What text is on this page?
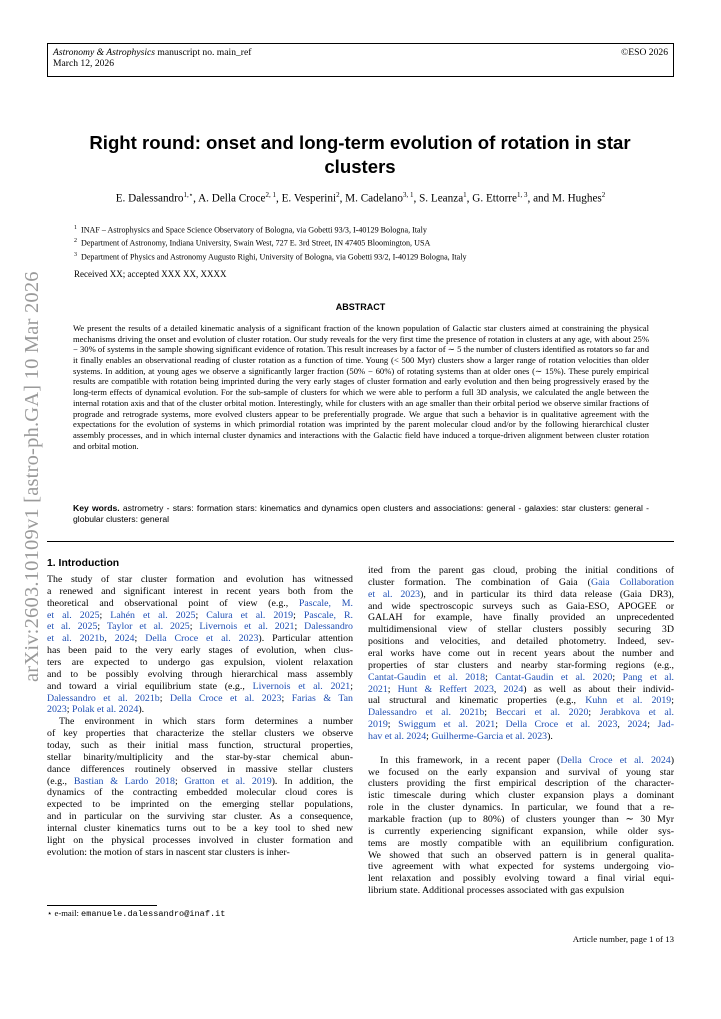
Astronomy & Astrophysics manuscript no. main_ref
March 12, 2026
©ESO 2026
arXiv:2603.10109v1 [astro-ph.GA] 10 Mar 2026
Right round: onset and long-term evolution of rotation in star
clusters
E. Dalessandro$^{1,⋆}$, A. Della Croce$^{2, 1}$, E. Vesperini$^2$, M. Cadelano$^{3, 1}$, S. Leanza$^1$, G. Ettorre$^{1, 3}$, and M. Hughes$^2$
$^1$ INAF – Astrophysics and Space Science Observatory of Bologna, via Gobetti 93/3, I-40129 Bologna, Italy
$^2$ Department of Astronomy, Indiana University, Swain West, 727 E. 3rd Street, IN 47405 Bloomington, USA
$^3$ Department of Physics and Astronomy Augusto Righi, University of Bologna, via Gobetti 93/2, I-40129 Bologna, Italy
Received XX; accepted XXX XX, XXXX
ABSTRACT
We present the results of a detailed kinematic analysis of a significant fraction of the known population of Galactic star clusters aimed at constraining the physical mechanisms driving the onset and evolution of cluster rotation. Our study reveals for the very first time the presence of rotation in clusters at any age, with about 25% − 30% of systems in the sample showing significant evidence of rotation. This result increases by a factor of ∼ 5 the number of clusters identified as rotators so far and it finally enables an observational reading of cluster rotation as a function of time. Young (< 500 Myr) clusters show a larger range of rotation velocities than older systems. In addition, at young ages we observe a significantly larger fraction (50% − 60%) of rotating systems than at older ones (∼ 15%). These purely empirical results are compatible with rotation being imprinted during the very early stages of cluster formation and early evolution and then being progressively erased by the long-term effects of dynamical evolution. For the sub-sample of clusters for which we were able to perform a full 3D analysis, we calculated the angle between the internal rotation axis and that of the cluster orbital motion. Interestingly, while for clusters with an age smaller than their orbital period we observe similar fractions of prograde and retrograde systems, more evolved clusters appear to be preferentially prograde. We argue that such a behavior is in qualitative agreement with the expectations for the evolution of systems in which primordial rotation was imprinted by the parent molecular cloud and/or by the following hierarchical cluster assembly processes, and in which internal cluster dynamics and interactions with the Galactic field have induced a torque-driven alignment between cluster rotation and orbital motion.
Key words. astrometry - stars: formation stars: kinematics and dynamics open clusters and associations: general - galaxies: star clusters: general - globular clusters: general
1. Introduction
The study of star cluster formation and evolution has witnessed
a renewed and significant interest in recent years both from the
theoretical and observational point of view (e.g., Pascale, M.
et al. 2025; Lahén et al. 2025; Calura et al. 2019; Pascale, R.
et al. 2025; Taylor et al. 2025; Livernois et al. 2021; Dalessandro
et al. 2021b, 2024; Della Croce et al. 2023). Particular attention
has been paid to the very early stages of evolution, when clus-
ters are expected to undergo gas expulsion, violent relaxation
and to be possibly evolving through hierarchical mass assembly
and toward a virial equilibrium state (e.g., Livernois et al. 2021;
Dalessandro et al. 2021b; Della Croce et al. 2023; Farias & Tan
2023; Polak et al. 2024).
The environment in which stars form determines a number
of key properties that characterize the stellar clusters we observe
today, such as their initial mass function, structural properties,
stellar binarity/multiplicity and the star-by-star chemical abun-
dance differences routinely observed in massive stellar clusters
(e.g., Bastian & Lardo 2018; Gratton et al. 2019). In addition, the
dynamics of the contracting embedded molecular cloud cores is
expected to be imprinted on the emerging stellar populations,
and in particular on the surviving star cluster. As a consequence,
internal cluster kinematics turns out to be a key tool to shed new
light on the physical processes involved in cluster formation and
evolution: the motion of stars in nascent star clusters is inher-
ited from the parent gas cloud, probing the initial conditions of
cluster formation. The combination of Gaia (Gaia Collaboration
et al. 2023), and in particular its third data release (Gaia DR3),
and wide spectroscopic surveys such as Gaia-ESO, APOGEE or
GALAH for example, have finally provided an unprecedented
multidimensional view of stellar clusters possibly securing 3D
positions and velocities, and detailed photometry. Indeed, sev-
eral works have come out in recent years about the number and
properties of star clusters and nearby star-forming regions (e.g.,
Cantat-Gaudin et al. 2018; Cantat-Gaudin et al. 2020; Pang et al.
2021; Hunt & Reffert 2023, 2024) as well as about their individ-
ual structural and kinematic properties (e.g., Kuhn et al. 2019;
Dalessandro et al. 2021b; Beccari et al. 2020; Jerabkova et al.
2019; Swiggum et al. 2021; Della Croce et al. 2023, 2024; Jad-
hav et al. 2024; Guilherme-Garcia et al. 2023).

In this framework, in a recent paper (Della Croce et al. 2024)
we focused on the early expansion and survival of young star
clusters providing the first empirical description of the character-
istic timescale during which cluster expansion plays a dominant
role in the cluster dynamics. In particular, we found that a re-
markable fraction (up to 80%) of clusters younger than ∼ 30 Myr
is currently experiencing significant expansion, while older sys-
tems are mostly compatible with an equilibrium configuration.
We showed that such an observed pattern is in general qualita-
tive agreement with what expected for systems undergoing vio-
lent relaxation and possibly evolving toward a final virial equi-
librium state. Additional processes associated with gas expulsion
⋆ e-mail: emanuele.dalessandro@inaf.it
Article number, page 1 of 13
